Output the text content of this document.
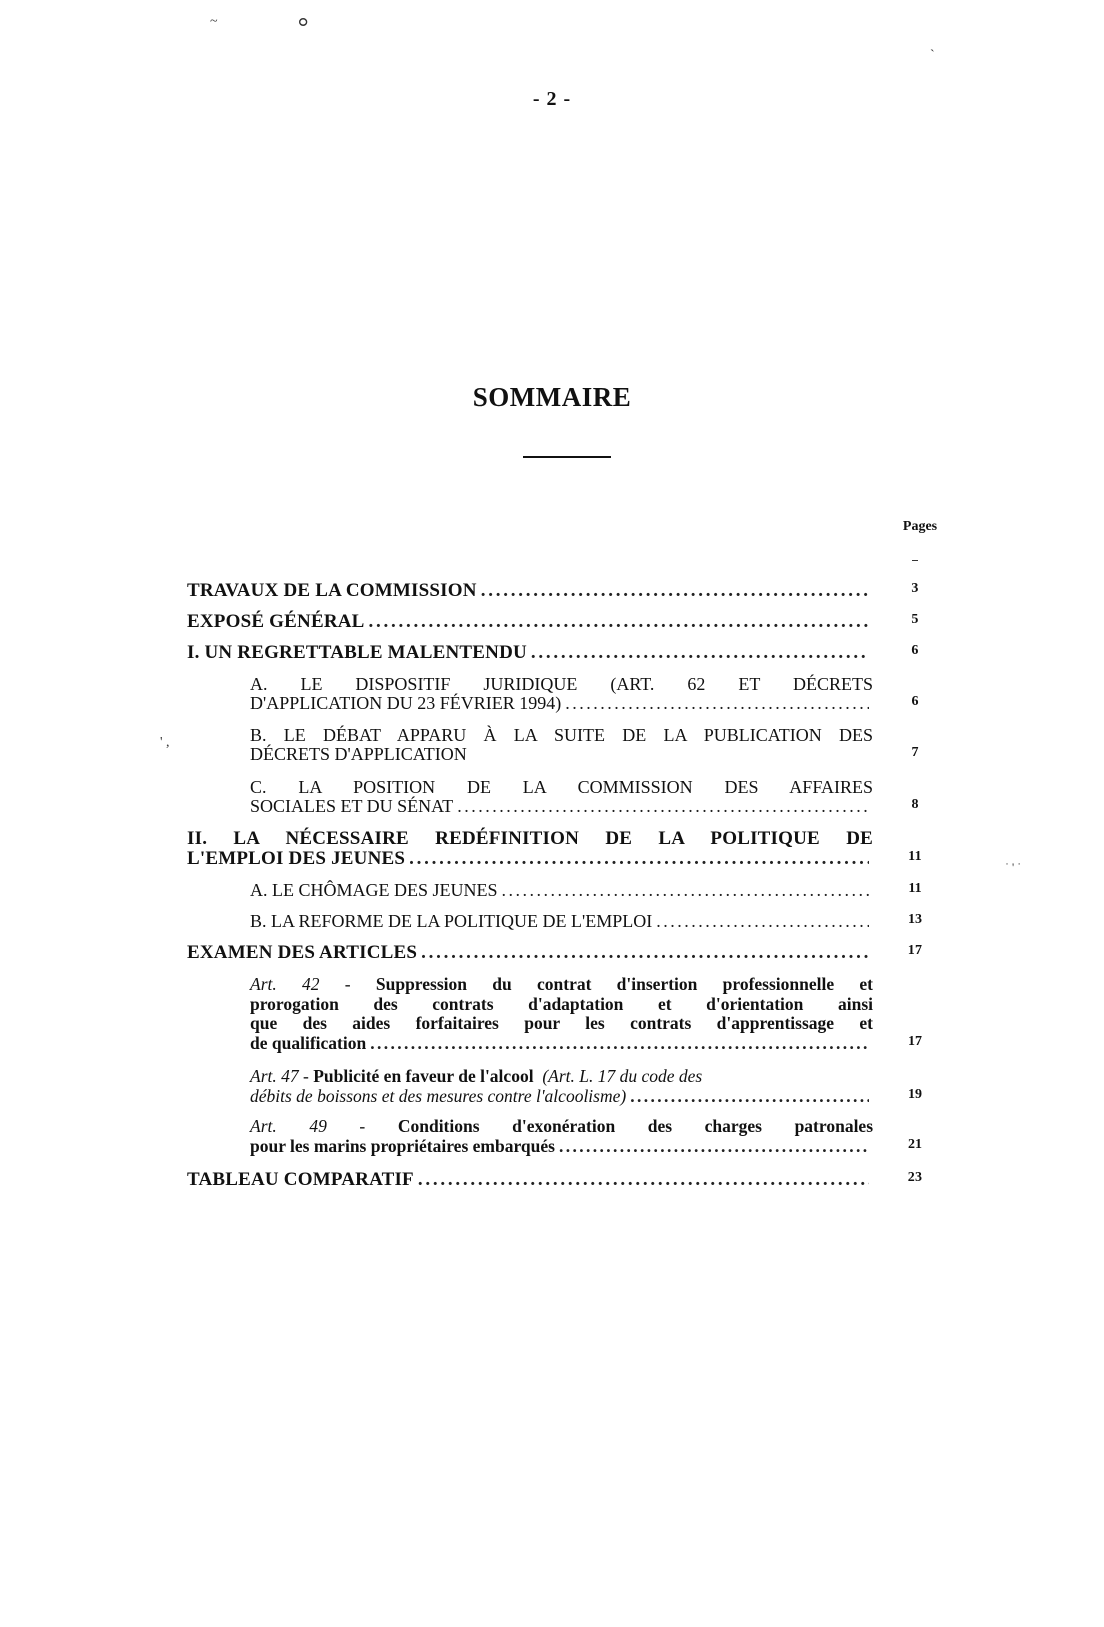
- 2 -
SOMMAIRE
Pages
TRAVAUX DE LA COMMISSION . . .	3
EXPOSÉ GÉNÉRAL . . .	5
I. UN REGRETTABLE MALENTENDU . . .	6
A. LE DISPOSITIF JURIDIQUE (ART. 62 ET DÉCRETS
D'APPLICATION DU 23 FÉVRIER 1994) . . .	6
B. LE DÉBAT APPARU À LA SUITE DE LA PUBLICATION DES
DÉCRETS D'APPLICATION	7
C. LA POSITION DE LA COMMISSION DES AFFAIRES
SOCIALES ET DU SÉNAT . . .	8
II. LA NÉCESSAIRE REDÉFINITION DE LA POLITIQUE DE
L'EMPLOI DES JEUNES . . .	11
A. LE CHÔMAGE DES JEUNES . . .	11
B. LA REFORME DE LA POLITIQUE DE L'EMPLOI . . .	13
EXAMEN DES ARTICLES . . .	17
Art. 42 - Suppression du contrat d'insertion professionnelle et
prorogation des contrats d'adaptation et d'orientation ainsi
que des aides forfaitaires pour les contrats d'apprentissage et
de qualification . . .	17
Art. 47 - Publicité en faveur de l'alcool (Art. L. 17 du code des
débits de boissons et des mesures contre l'alcoolisme) . . .	19
Art. 49 - Conditions d'exonération des charges patronales
pour les marins propriétaires embarqués . . .	21
TABLEAU COMPARATIF . . .	23
~	ߋ
`
˙ ' ˙
' ,
